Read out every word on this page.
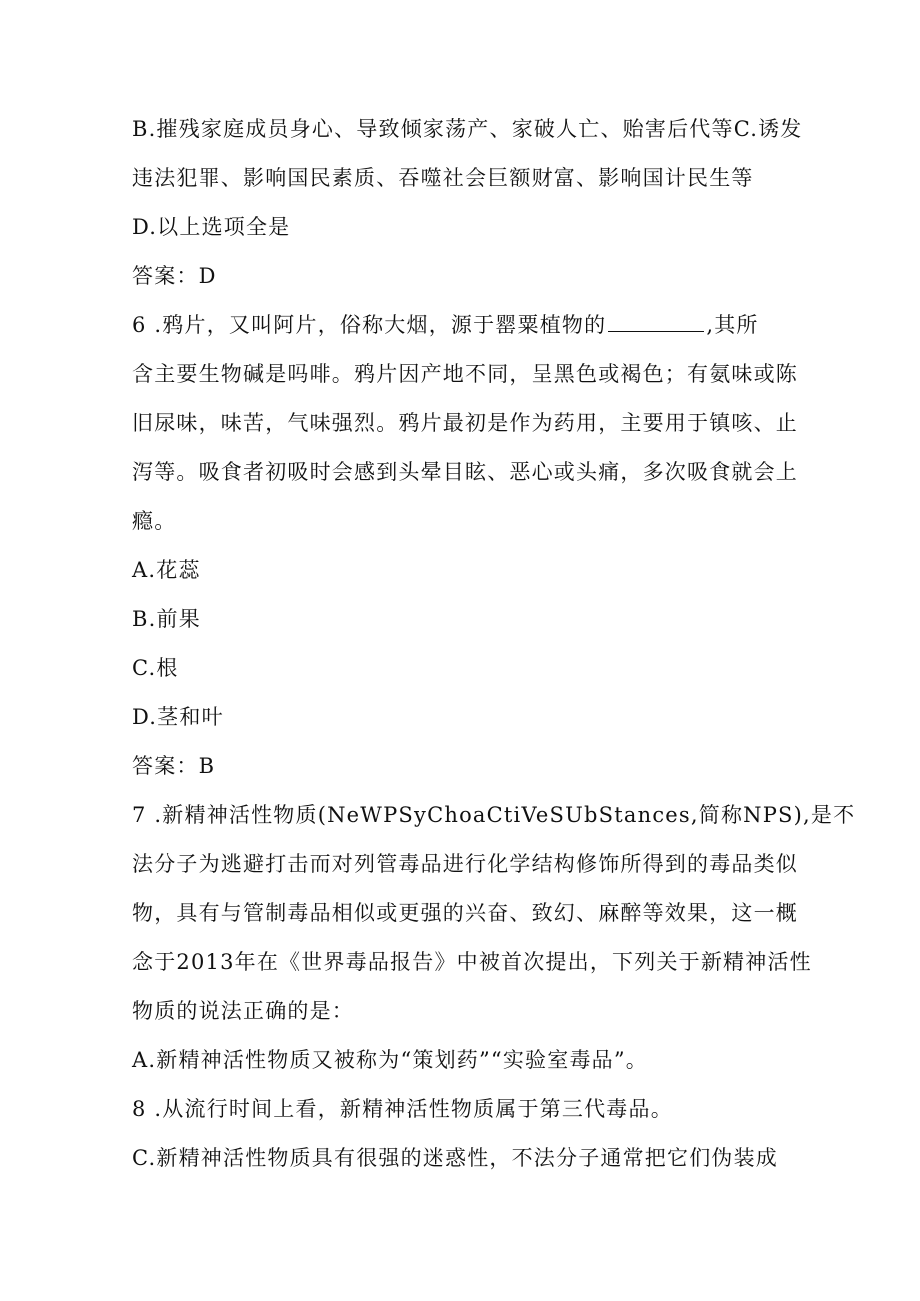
B.摧残家庭成员身心、导致倾家荡产、家破人亡、贻害后代等C.诱发
违法犯罪、影响国民素质、吞噬社会巨额财富、影响国计民生等
D.以上选项全是
答案：D
6 .鸦片，又叫阿片，俗称大烟，源于罂粟植物的	,其所
含主要生物碱是吗啡。鸦片因产地不同，呈黑色或褐色；有氨味或陈
旧尿味，味苦，气味强烈。鸦片最初是作为药用，主要用于镇咳、止
泻等。吸食者初吸时会感到头晕目眩、恶心或头痛，多次吸食就会上
瘾。
A.花蕊
B.前果
C.根
D.茎和叶
答案：B
7 .新精神活性物质(NeWPSyChoaCtiVeSUbStances,简称NPS),是不
法分子为逃避打击而对列管毒品进行化学结构修饰所得到的毒品类似
物，具有与管制毒品相似或更强的兴奋、致幻、麻醉等效果，这一概
念于2013年在《世界毒品报告》中被首次提出，下列关于新精神活性
物质的说法正确的是：
A.新精神活性物质又被称为“策划药”“实验室毒品”。
8 .从流行时间上看，新精神活性物质属于第三代毒品。
C.新精神活性物质具有很强的迷惑性，不法分子通常把它们伪装成
